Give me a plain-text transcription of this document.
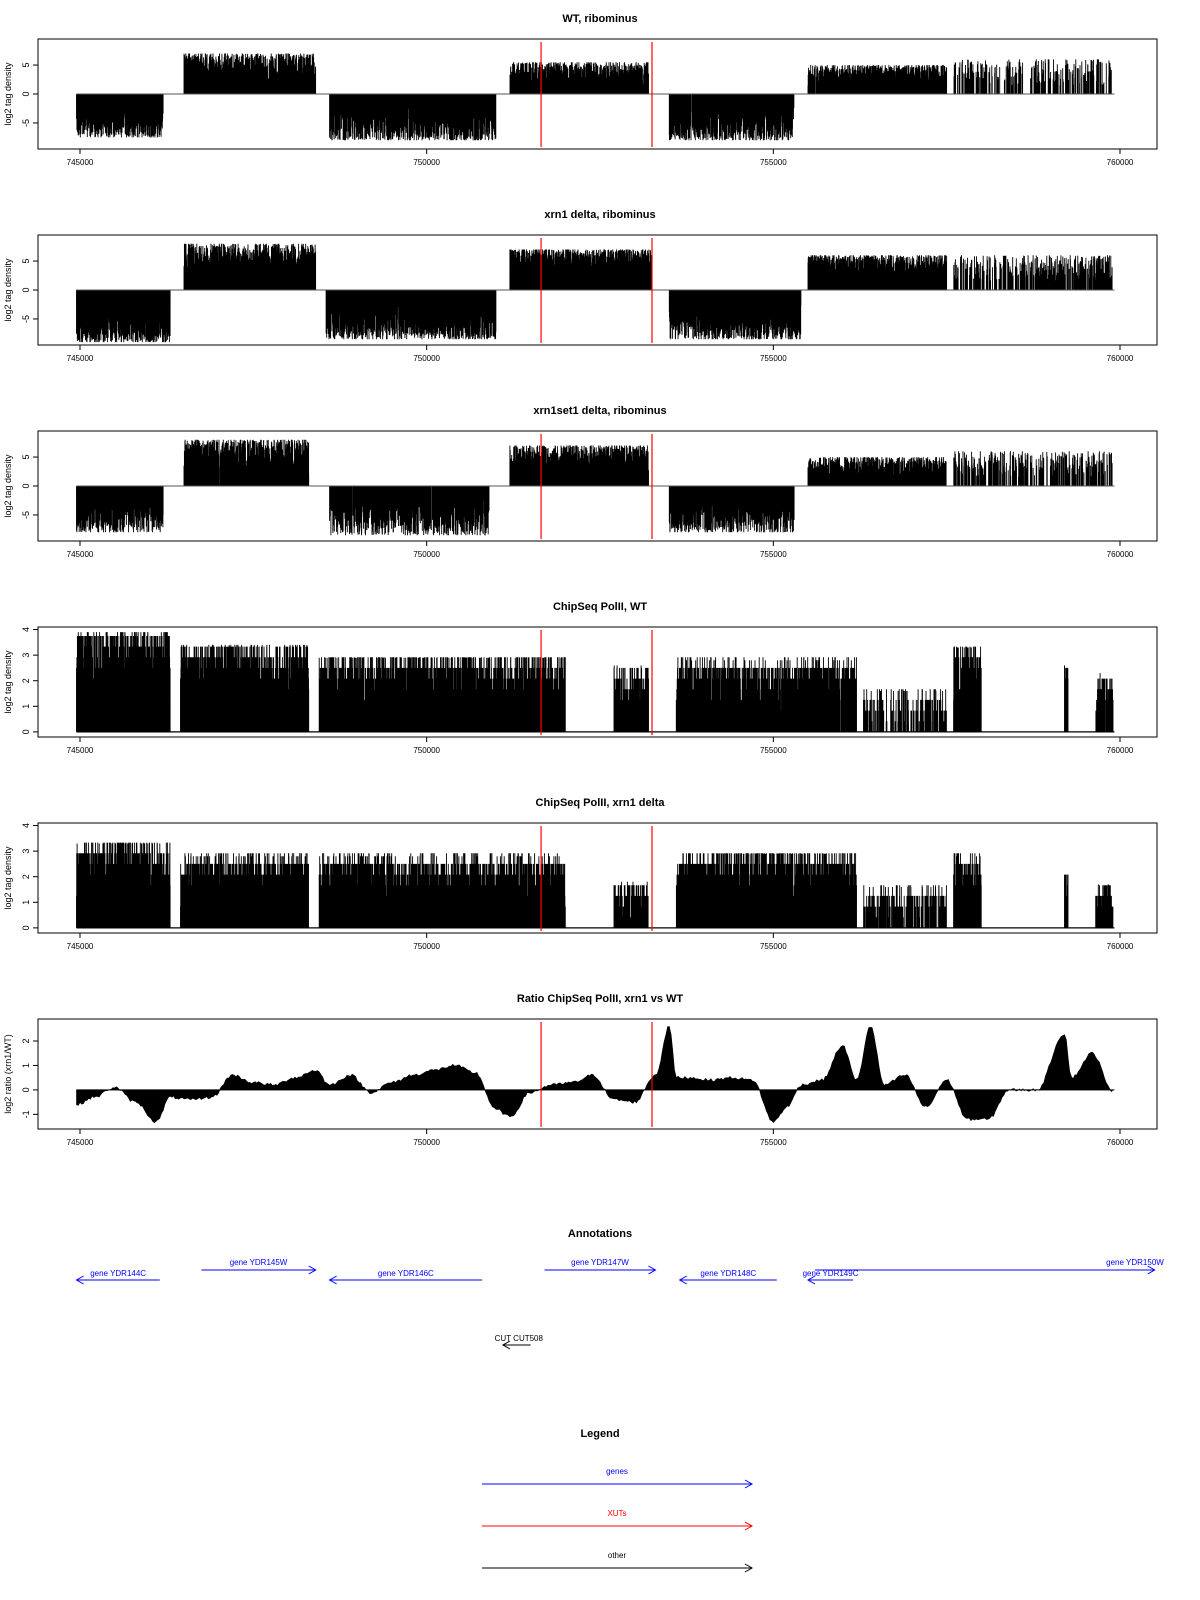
WT, ribominus
log2 tag density -5
0
5
745000	750000	755000	760000
xrn1 delta, ribominus
log2 tag density -5
0
5
745000	750000	755000	760000
xrn1set1 delta, ribominus
log2 tag density -5
0
5
745000	750000	755000	760000
ChipSeq PolII, WT
log2 tag density
0
1
2
3
4
745000	750000	755000	760000
ChipSeq PolII, xrn1 delta
log2 tag density
0
1
2
3
4
745000	750000	755000	760000
Ratio ChipSeq PolII, xrn1 vs WT
log2 ratio (xrn1/WT)
-1
0
1
2
745000	750000	755000	760000
Annotations
gene YDR144C
gene YDR145W
gene YDR146C
gene YDR147W
gene YDR148C	gene YDR149C
gene YDR150W
CUT CUT508
Legend
genes
XUTs
other
